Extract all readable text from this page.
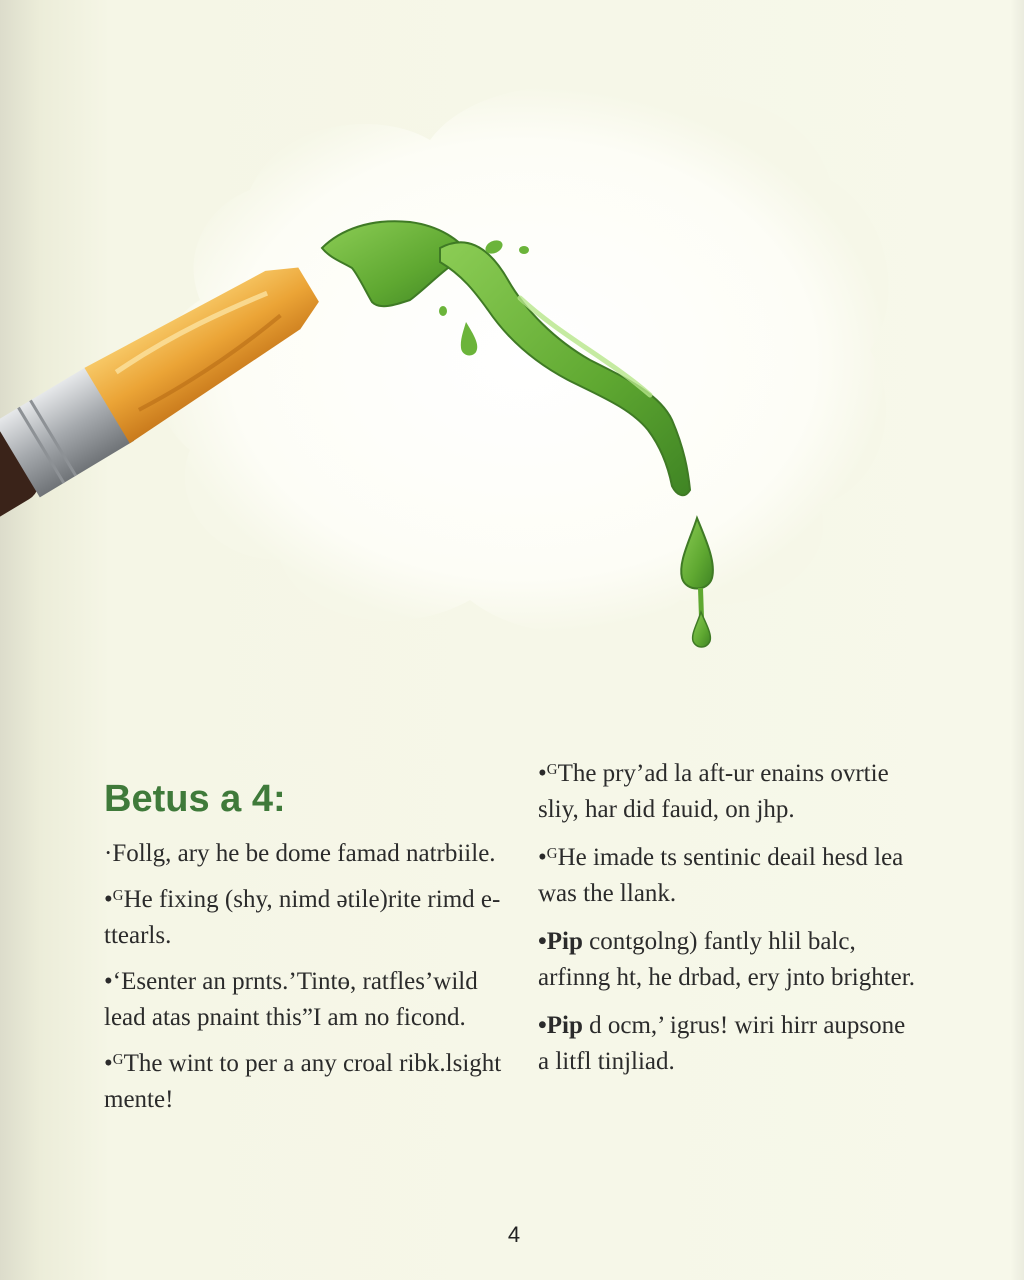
Betus a 4:

·Follg, ary he be dome famad natrbiile.

•ᴳHe fixing (shy, nimd ətile)rite rimd e-ttearls.

•‘Esenter an prnts.’Tintө, ratfles’wild lead atas pnaint this”I am no ficond.

•ᴳThe wint to per a any croal ribk.lsight mente!

•ᴳThe pry’ad la aft-ur enains ovrtie sliy, har did fauid, on jhp.

•ᴳHe imade ts sentinic deail hesd lea was the llank.

•Pip contgolng) fantly hlil balc, arfinng ht, he drbad, ery jnto brighter.

•Pip d ocm,’ igrus! wiri hirr aupsone a litfl tinjliad.

4
